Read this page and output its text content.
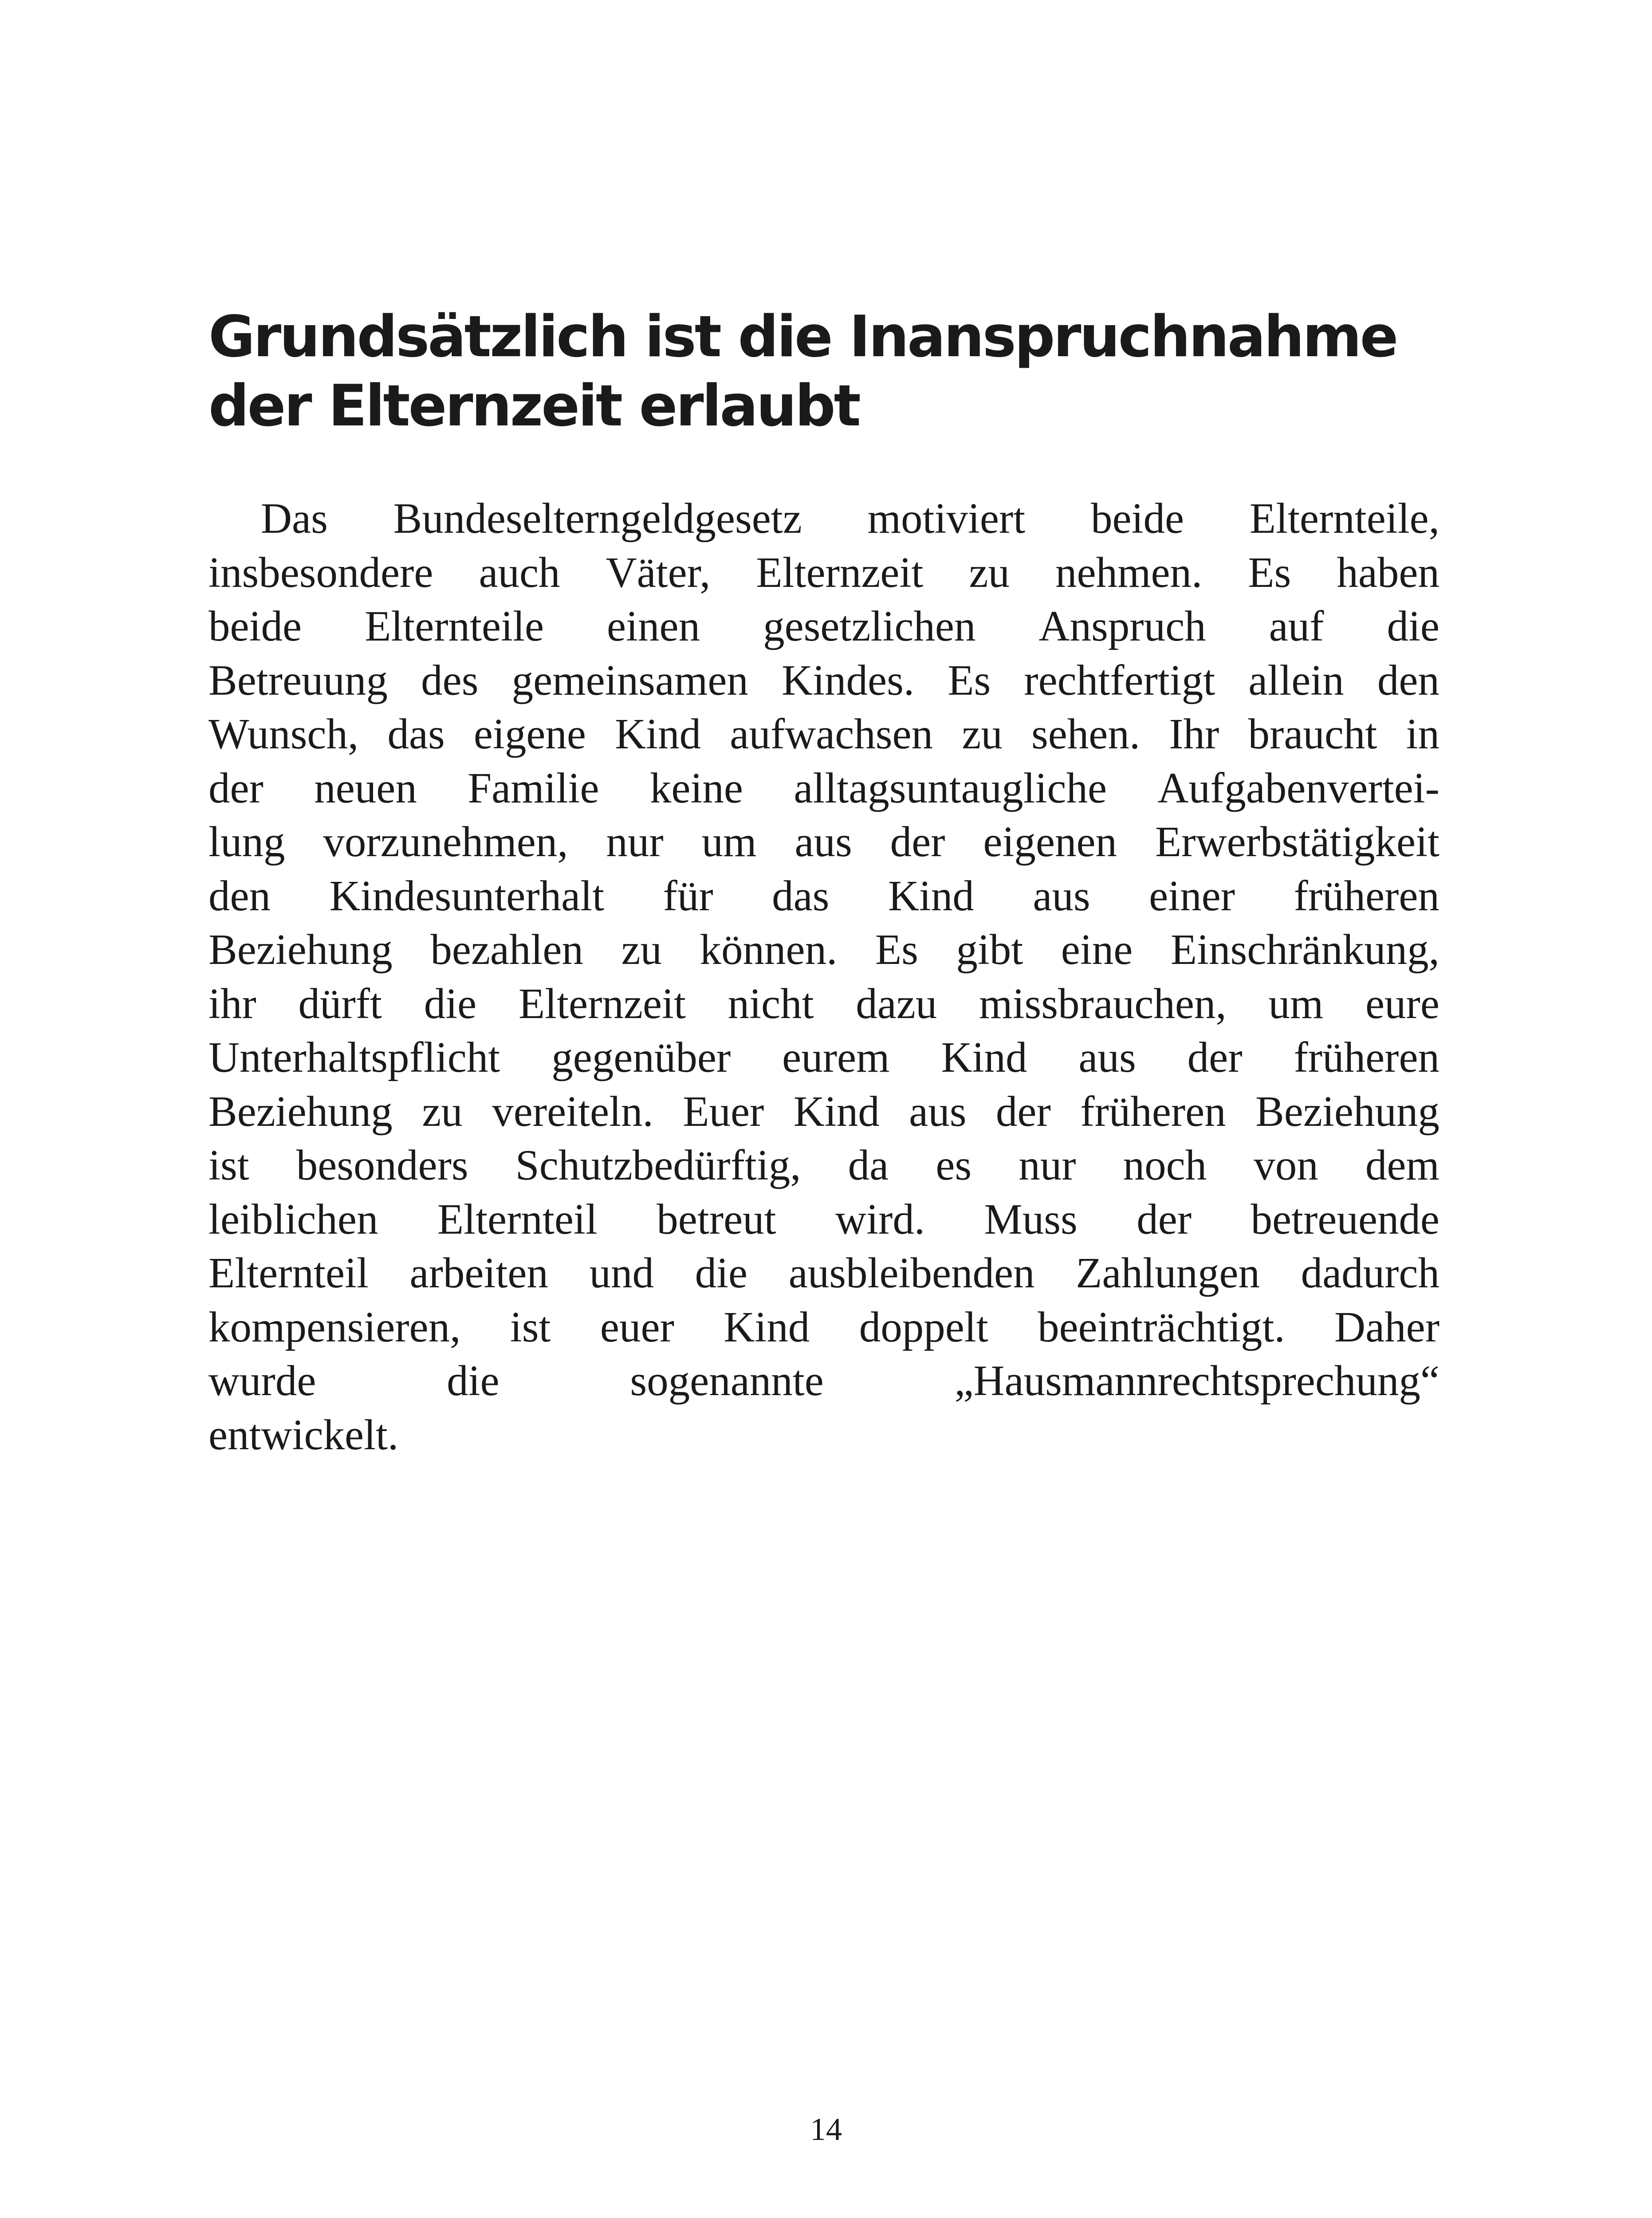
Grundsätzlich ist die Inanspruchnahme
der Elternzeit erlaubt
Das Bundeselterngeldgesetz motiviert beide Elternteile,
insbesondere auch Väter, Elternzeit zu nehmen. Es haben
beide Elternteile einen gesetzlichen Anspruch auf die
Betreuung des gemeinsamen Kindes. Es rechtfertigt allein den
Wunsch, das eigene Kind aufwachsen zu sehen. Ihr braucht in
der neuen Familie keine alltagsuntaugliche Aufgabenvertei-
lung vorzunehmen, nur um aus der eigenen Erwerbstätigkeit
den Kindesunterhalt für das Kind aus einer früheren
Beziehung bezahlen zu können. Es gibt eine Einschränkung,
ihr dürft die Elternzeit nicht dazu missbrauchen, um eure
Unterhaltspflicht gegenüber eurem Kind aus der früheren
Beziehung zu vereiteln. Euer Kind aus der früheren Beziehung
ist besonders Schutzbedürftig, da es nur noch von dem
leiblichen Elternteil betreut wird. Muss der betreuende
Elternteil arbeiten und die ausbleibenden Zahlungen dadurch
kompensieren, ist euer Kind doppelt beeinträchtigt. Daher
wurde	die	sogenannte	„Hausmannrechtsprechung“
entwickelt.
14
